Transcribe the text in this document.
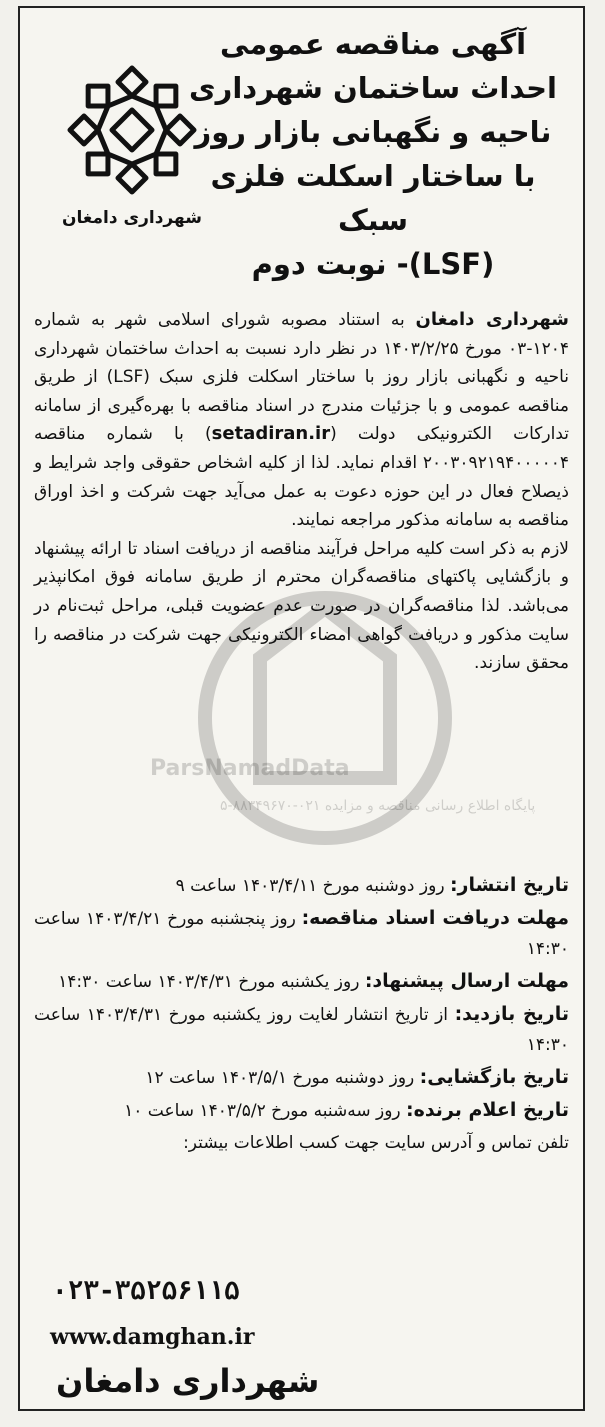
آگهی مناقصه عمومی
احداث ساختمان شهرداری
ناحیه و نگهبانی بازار روز
با ساختار اسکلت فلزی سبک
(LSF)- نوبت دوم
شهرداری دامغان
ParsNamadData
پایگاه اطلاع رسانی مناقصه و مزایده ۰۲۱-۸۸۳۴۹۶۷۰-۵

شهرداری دامغان به استناد مصوبه شورای اسلامی شهر به شماره ۱۲۰۴-۰۳ مورخ ۱۴۰۳/۲/۲۵ در نظر دارد نسبت به احداث ساختمان شهرداری ناحیه و نگهبانی بازار روز با ساختار اسکلت فلزی سبک (LSF) از طریق مناقصه عمومی و با جزئیات مندرج در اسناد مناقصه با بهره‌گیری از سامانه تدارکات الکترونیکی دولت (setadiran.ir) با شماره مناقصه ۲۰۰۳۰۹۲۱۹۴۰۰۰۰۰۴ اقدام نماید. لذا از کلیه اشخاص حقوقی واجد شرایط و ذیصلاح فعال در این حوزه دعوت به عمل می‌آید جهت شرکت و اخذ اوراق مناقصه به سامانه مذکور مراجعه نمایند.

لازم به ذکر است کلیه مراحل فرآیند مناقصه از دریافت اسناد تا ارائه پیشنهاد و بازگشایی پاکتهای مناقصه‌گران محترم از طریق سامانه فوق امکانپذیر می‌باشد. لذا مناقصه‌گران در صورت عدم عضویت قبلی، مراحل ثبت‌نام در سایت مذکور و دریافت گواهی امضاء الکترونیکی جهت شرکت در مناقصه را محقق سازند.

تاریخ انتشار: روز دوشنبه مورخ ۱۴۰۳/۴/۱۱ ساعت ۹

مهلت دریافت اسناد مناقصه: روز پنجشنبه مورخ ۱۴۰۳/۴/۲۱ ساعت ۱۴:۳۰

مهلت ارسال پیشنهاد: روز یکشنبه مورخ ۱۴۰۳/۴/۳۱ ساعت ۱۴:۳۰

تاریخ بازدید: از تاریخ انتشار لغایت روز یکشنبه مورخ ۱۴۰۳/۴/۳۱ ساعت ۱۴:۳۰

تاریخ بازگشایی: روز دوشنبه مورخ ۱۴۰۳/۵/۱ ساعت ۱۲

تاریخ اعلام برنده: روز سه‌شنبه مورخ ۱۴۰۳/۵/۲ ساعت ۱۰

تلفن تماس و آدرس سایت جهت کسب اطلاعات بیشتر:

۰۲۳-۳۵۲۵۶۱۱۵
www.damghan.ir
شهرداری دامغان
